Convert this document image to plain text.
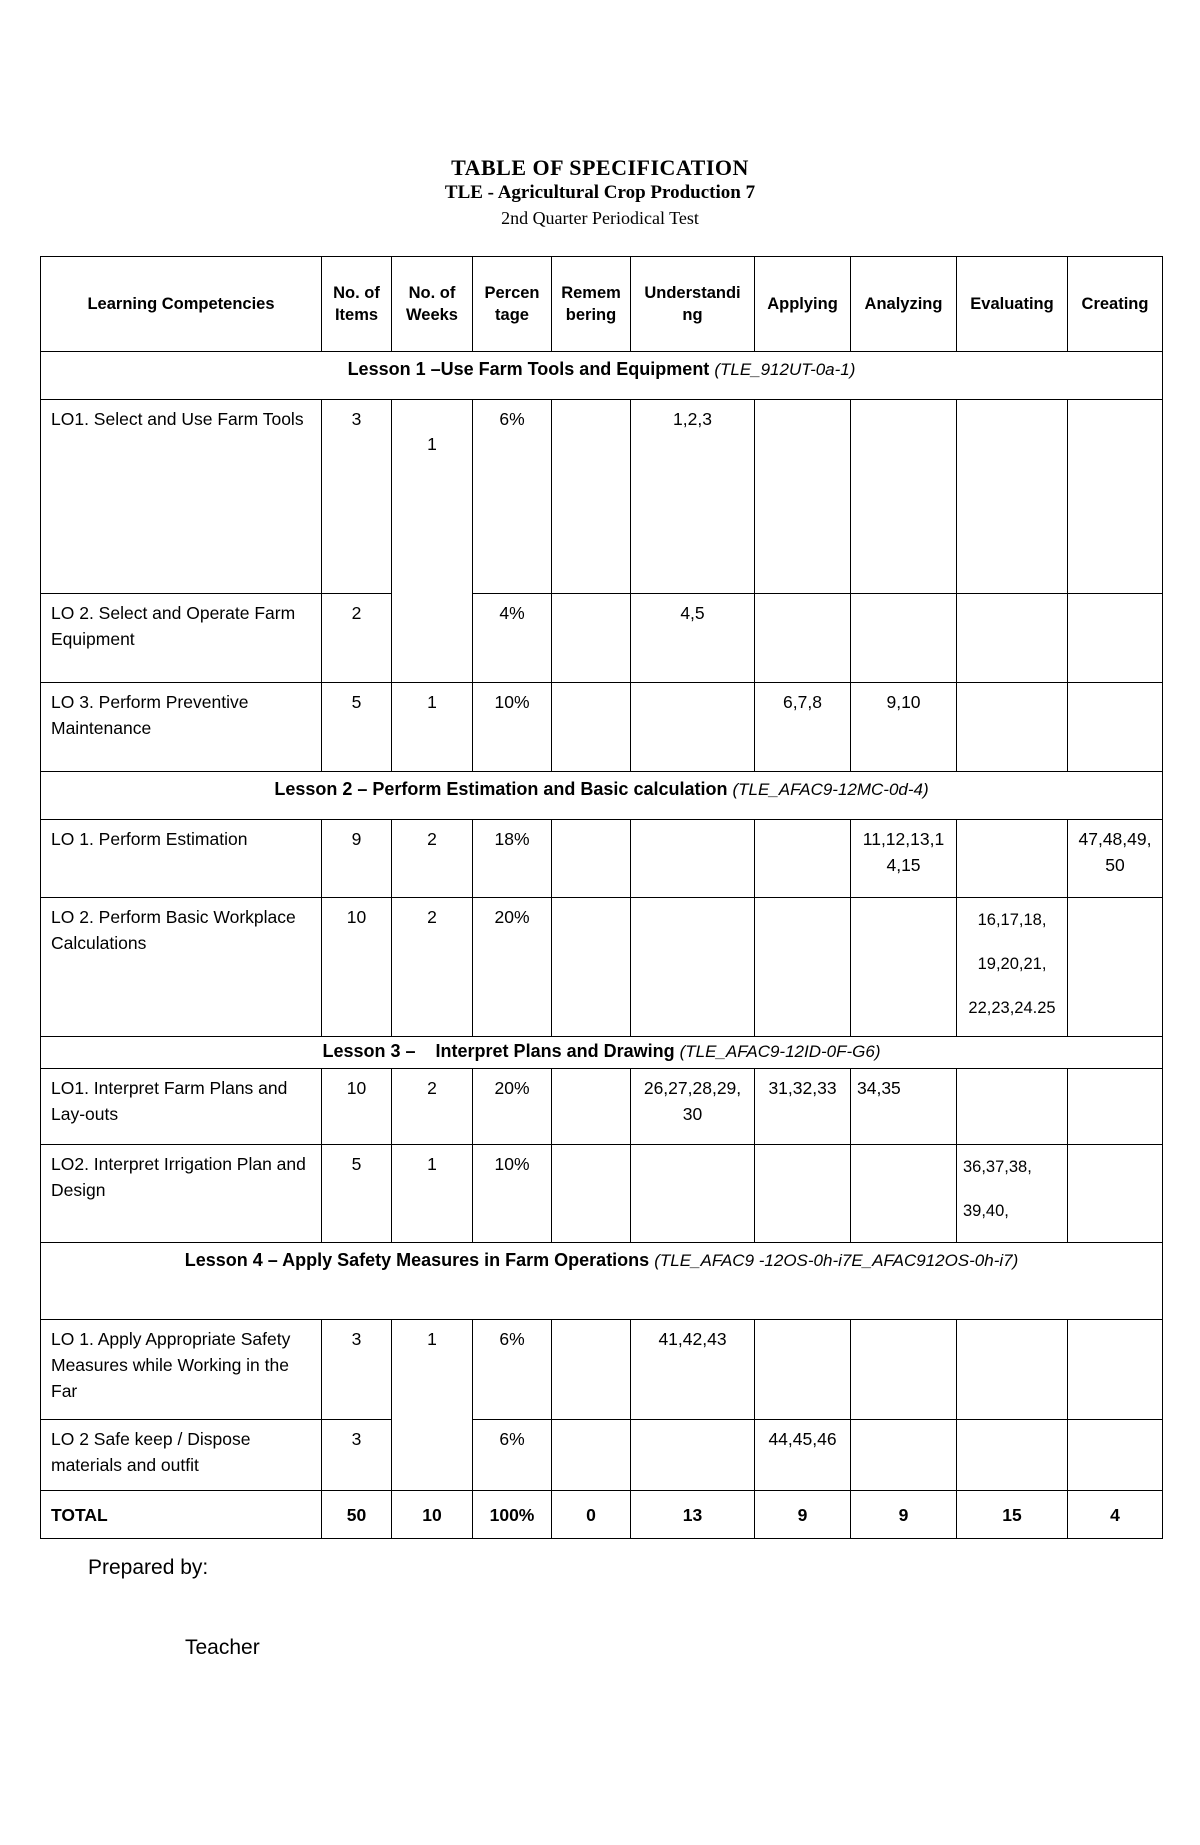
TABLE OF SPECIFICATION
TLE - Agricultural Crop Production 7
2nd Quarter Periodical Test
Learning Competencies	No. of Items	No. of Weeks	Percen tage	Remem bering	Understandi ng	Applying	Analyzing	Evaluating	Creating
Lesson 1 –Use Farm Tools and Equipment (TLE_912UT-0a-1)									
LO1. Select and Use Farm Tools	3	1	6%		1,2,3				
LO 2. Select and Operate Farm Equipment	2		4%		4,5				
LO 3. Perform Preventive Maintenance	5	1	10%			6,7,8	9,10		
Lesson 2 – Perform Estimation and Basic calculation (TLE_AFAC9-12MC-0d-4)									
LO 1. Perform Estimation	9	2	18%				11,12,13,14,15		47,48,49,50
LO 2. Perform Basic Workplace Calculations	10	2	20%					16,17,18,
19,20,21,
22,23,24.25	

Lesson 3 –    Interpret Plans and Drawing (TLE_AFAC9-12ID-0F-G6)									
LO1. Interpret Farm Plans and Lay-outs	10	2	20%		26,27,28,29, 30	31,32,33	34,35		
LO2. Interpret Irrigation Plan and Design	5	1	10%					36,37,38,
39,40,	

Lesson 4 – Apply Safety Measures in Farm Operations (TLE_AFAC9 -12OS-0h-i7E_AFAC912OS-0h-i7)									
LO 1. Apply Appropriate Safety Measures while Working in the Far	3	1	6%		41,42,43				
LO 2 Safe keep / Dispose materials and outfit	3		6%			44,45,46			
TOTAL	50	10	100%	0	13	9	9	15	4
Prepared by:
Teacher
